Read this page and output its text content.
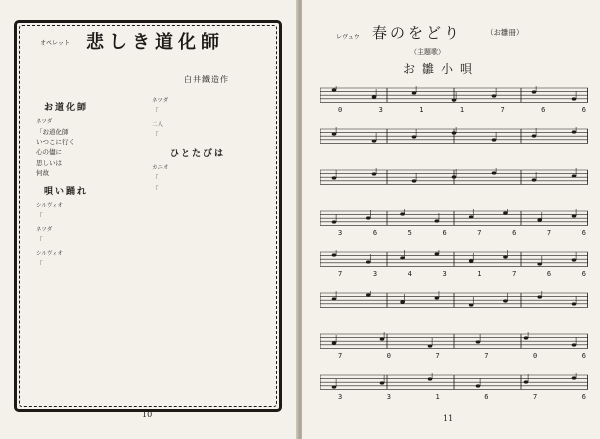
オペレット 悲しき道化師
白井鐵造作
お道化師
ネツダ
「お道化師
いつこに行く
心の儘に
思しいは
何故
唄い踊れ
シルヴィオ
「
ネツダ
「
シルヴィオ
「
ネツダ
「
二人
「
ひとたびは
カニオ
「
「
10
レヴュウ 春のをどり	（お雛冊）
（主題歌）
お雛小唄
0	3	1	1	7	6	6
3	6	5	6	7	6	7	6
7	3	4	3	1	7	6	6
7	0	7	7	0	6
3	3	1	6	7	6
11
